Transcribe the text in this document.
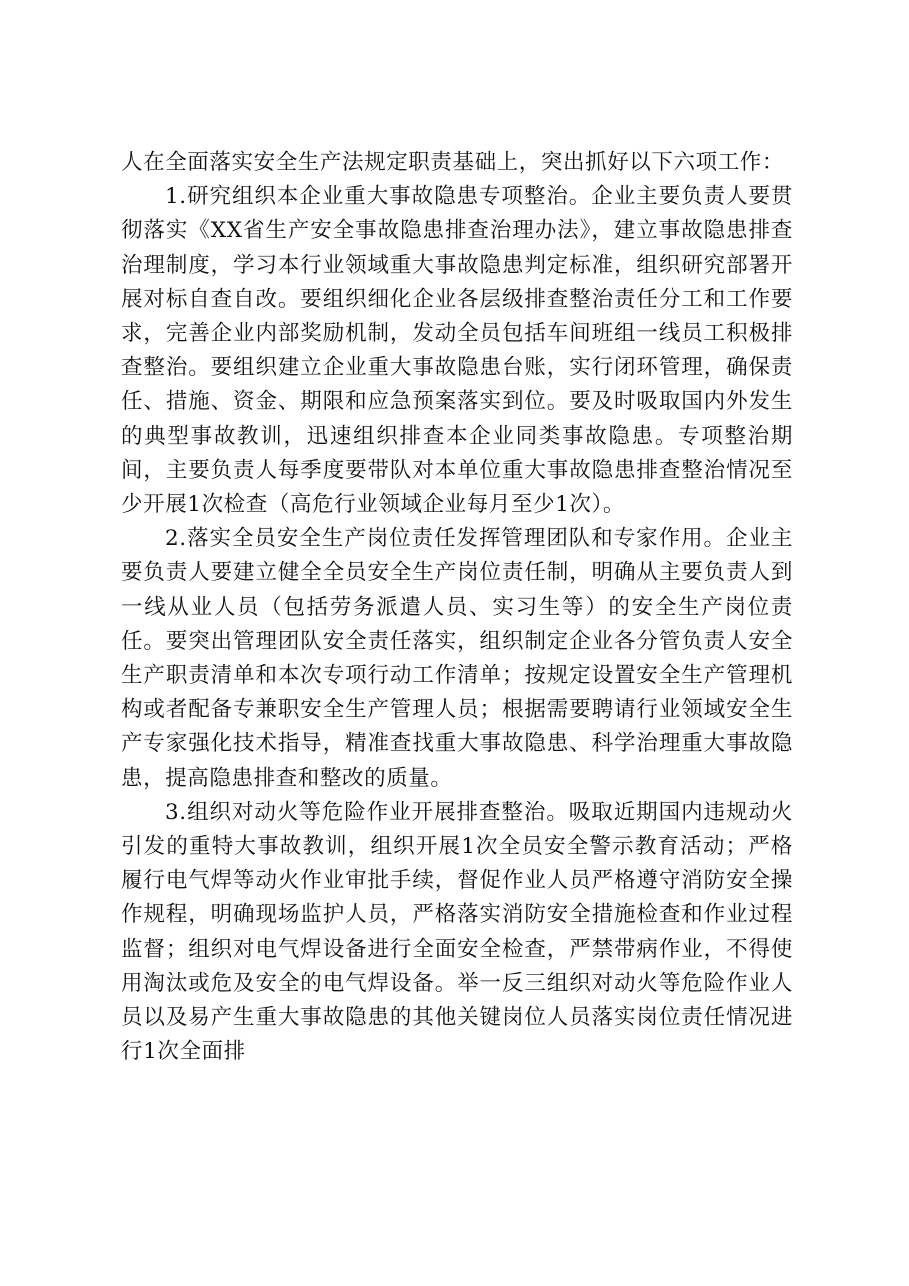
人在全面落实安全生产法规定职责基础上，突出抓好以下六项工作：

1.研究组织本企业重大事故隐患专项整治。企业主要负责人要贯彻落实《XX省生产安全事故隐患排查治理办法》，建立事故隐患排查治理制度，学习本行业领域重大事故隐患判定标准，组织研究部署开展对标自查自改。要组织细化企业各层级排查整治责任分工和工作要求，完善企业内部奖励机制，发动全员包括车间班组一线员工积极排查整治。要组织建立企业重大事故隐患台账，实行闭环管理，确保责任、措施、资金、期限和应急预案落实到位。要及时吸取国内外发生的典型事故教训，迅速组织排查本企业同类事故隐患。专项整治期间，主要负责人每季度要带队对本单位重大事故隐患排查整治情况至少开展1次检查（高危行业领域企业每月至少1次）。

2.落实全员安全生产岗位责任发挥管理团队和专家作用。企业主要负责人要建立健全全员安全生产岗位责任制，明确从主要负责人到一线从业人员（包括劳务派遣人员、实习生等）的安全生产岗位责任。要突出管理团队安全责任落实，组织制定企业各分管负责人安全生产职责清单和本次专项行动工作清单；按规定设置安全生产管理机构或者配备专兼职安全生产管理人员；根据需要聘请行业领域安全生产专家强化技术指导，精准查找重大事故隐患、科学治理重大事故隐患，提高隐患排查和整改的质量。

3.组织对动火等危险作业开展排查整治。吸取近期国内违规动火引发的重特大事故教训，组织开展1次全员安全警示教育活动；严格履行电气焊等动火作业审批手续，督促作业人员严格遵守消防安全操作规程，明确现场监护人员，严格落实消防安全措施检查和作业过程监督；组织对电气焊设备进行全面安全检查，严禁带病作业，不得使用淘汰或危及安全的电气焊设备。举一反三组织对动火等危险作业人员以及易产生重大事故隐患的其他关键岗位人员落实岗位责任情况进行1次全面排
